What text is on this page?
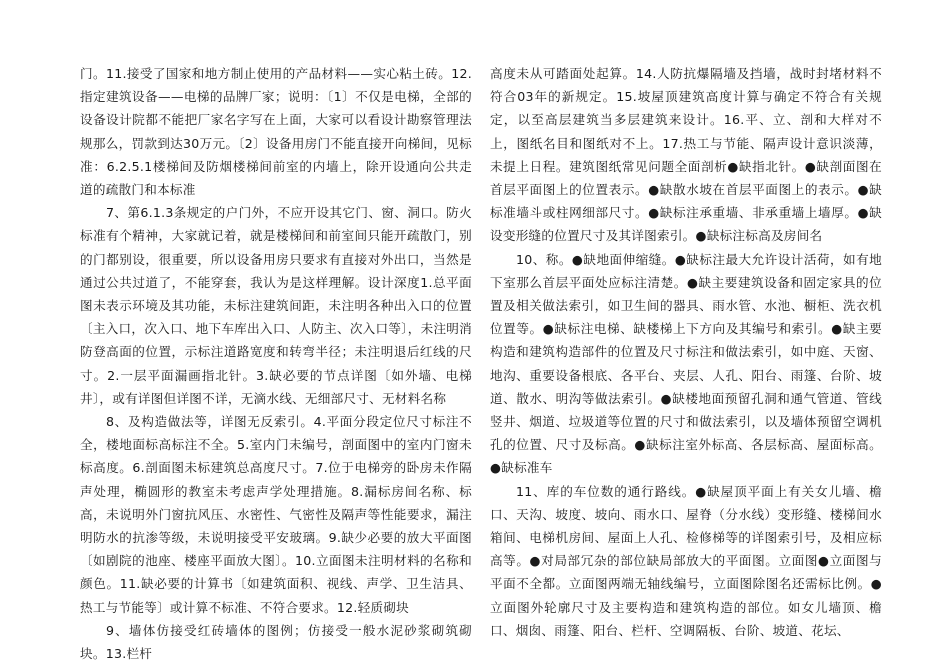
门。11.接受了国家和地方制止使用的产品材料——实心粘土砖。12.指定建筑设备——电梯的品牌厂家；说明：〔1〕不仅是电梯，全部的设备设计院都不能把厂家名字写在上面，大家可以看设计勘察管理法规那么，罚款到达30万元。〔2〕设备用房门不能直接开向梯间，见标准：6.2.5.1楼梯间及防烟楼梯间前室的内墙上，除开设通向公共走道的疏散门和本标准

7、第6.1.3条规定的户门外，不应开设其它门、窗、洞口。防火标准有个精神，大家就记着，就是楼梯间和前室间只能开疏散门，别的门都别设，很重要，所以设备用房只要求有直接对外出口，当然是通过公共过道了，不能穿套，我认为是这样理解。设计深度1.总平面图未表示环境及其功能，未标注建筑间距，未注明各种出入口的位置〔主入口，次入口、地下车库出入口、人防主、次入口等〕，未注明消防登高面的位置，示标注道路宽度和转弯半径；未注明退后红线的尺寸。2.一层平面漏画指北针。3.缺必要的节点详图〔如外墙、电梯井〕，或有详图但详图不详，无滴水线、无细部尺寸、无材料名称

8、及构造做法等，详图无反索引。4.平面分段定位尺寸标注不全，楼地面标高标注不全。5.室内门未编号，剖面图中的室内门窗未标高度。6.剖面图未标建筑总高度尺寸。7.位于电梯旁的卧房未作隔声处理，椭圆形的教室未考虑声学处理措施。8.漏标房间名称、标高，未说明外门窗抗风压、水密性、气密性及隔声等性能要求，漏注明防水的抗渗等级，未说明接受平安玻璃。9.缺少必要的放大平面图〔如剧院的池座、楼座平面放大图〕。10.立面图未注明材料的名称和颜色。11.缺必要的计算书〔如建筑面积、视线、声学、卫生洁具、热工与节能等〕或计算不标准、不符合要求。12.轻质砌块

9、墙体仿接受红砖墙体的图例；仿接受一般水泥砂浆砌筑砌块。13.栏杆

高度未从可踏面处起算。14.人防抗爆隔墙及挡墙，战时封堵材料不符合03年的新规定。15.坡屋顶建筑高度计算与确定不符合有关规定，以至高层建筑当多层建筑来设计。16.平、立、剖和大样对不上，图纸名目和图纸对不上。17.热工与节能、隔声设计意识淡薄，未提上日程。建筑图纸常见问题全面剖析●缺指北针。●缺剖面图在首层平面图上的位置表示。●缺散水坡在首层平面图上的表示。●缺标准墙斗或柱网细部尺寸。●缺标注承重墙、非承重墙上墙厚。●缺设变形缝的位置尺寸及其详图索引。●缺标注标高及房间名

10、称。●缺地面伸缩缝。●缺标注最大允许设计活荷，如有地下室那么首层平面处应标注清楚。●缺主要建筑设备和固定家具的位置及相关做法索引，如卫生间的器具、雨水管、水池、橱柜、洗衣机位置等。●缺标注电梯、缺楼梯上下方向及其编号和索引。●缺主要构造和建筑构造部件的位置及尺寸标注和做法索引，如中庭、天窗、地沟、重要设备根底、各平台、夹层、人孔、阳台、雨篷、台阶、坡道、散水、明沟等做法索引。●缺楼地面预留孔洞和通气管道、管线竖井、烟道、垃圾道等位置的尺寸和做法索引，以及墙体预留空调机孔的位置、尺寸及标高。●缺标注室外标高、各层标高、屋面标高。●缺标准车

11、库的车位数的通行路线。●缺屋顶平面上有关女儿墙、檐口、天沟、坡度、坡向、雨水口、屋脊（分水线）变形缝、楼梯间水箱间、电梯机房间、屋面上人孔、检修梯等的详图索引号，及相应标高等。●对局部冗杂的部位缺局部放大的平面图。立面图●立面图与平面不全都。立面图两端无轴线编号，立面图除图名还需标比例。●立面图外轮廓尺寸及主要构造和建筑构造的部位。如女儿墙顶、檐口、烟囱、雨篷、阳台、栏杆、空调隔板、台阶、坡道、花坛、
